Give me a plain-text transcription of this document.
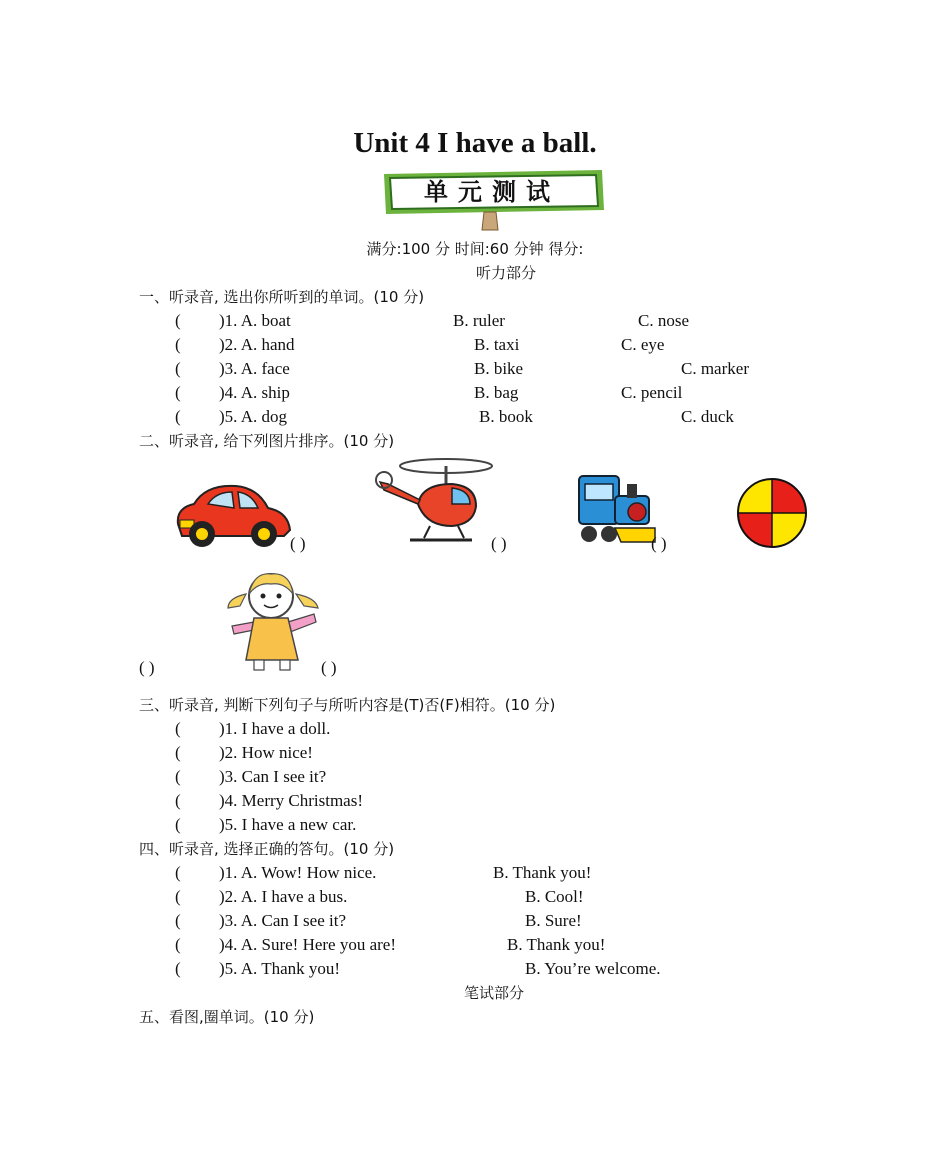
Unit 4 I have a ball.
单元测试
满分:100 分 时间:60 分钟 得分:
听力部分
一、听录音, 选出你所听到的单词。(10 分)
( )1. A. boat	B. ruler	C. nose
( )2. A. hand	B. taxi	C. eye
( )3. A. face	B. bike	C. marker
( )4. A. ship	B. bag	C. pencil
( )5. A. dog	B. book	C. duck
二、听录音, 给下列图片排序。(10 分)
( )	( )	( )
( )	( )
三、听录音, 判断下列句子与所听内容是(T)否(F)相符。(10 分)
( )1. I have a doll.
( )2. How nice!
( )3. Can I see it?
( )4. Merry Christmas!
( )5. I have a new car.
四、听录音, 选择正确的答句。(10 分)
( )1. A. Wow! How nice.	B. Thank you!
( )2. A. I have a bus.	B. Cool!
( )3. A. Can I see it?	B. Sure!
( )4. A. Sure! Here you are!	B. Thank you!
( )5. A. Thank you!	B. You’re welcome.
笔试部分
五、看图,圈单词。(10 分)
